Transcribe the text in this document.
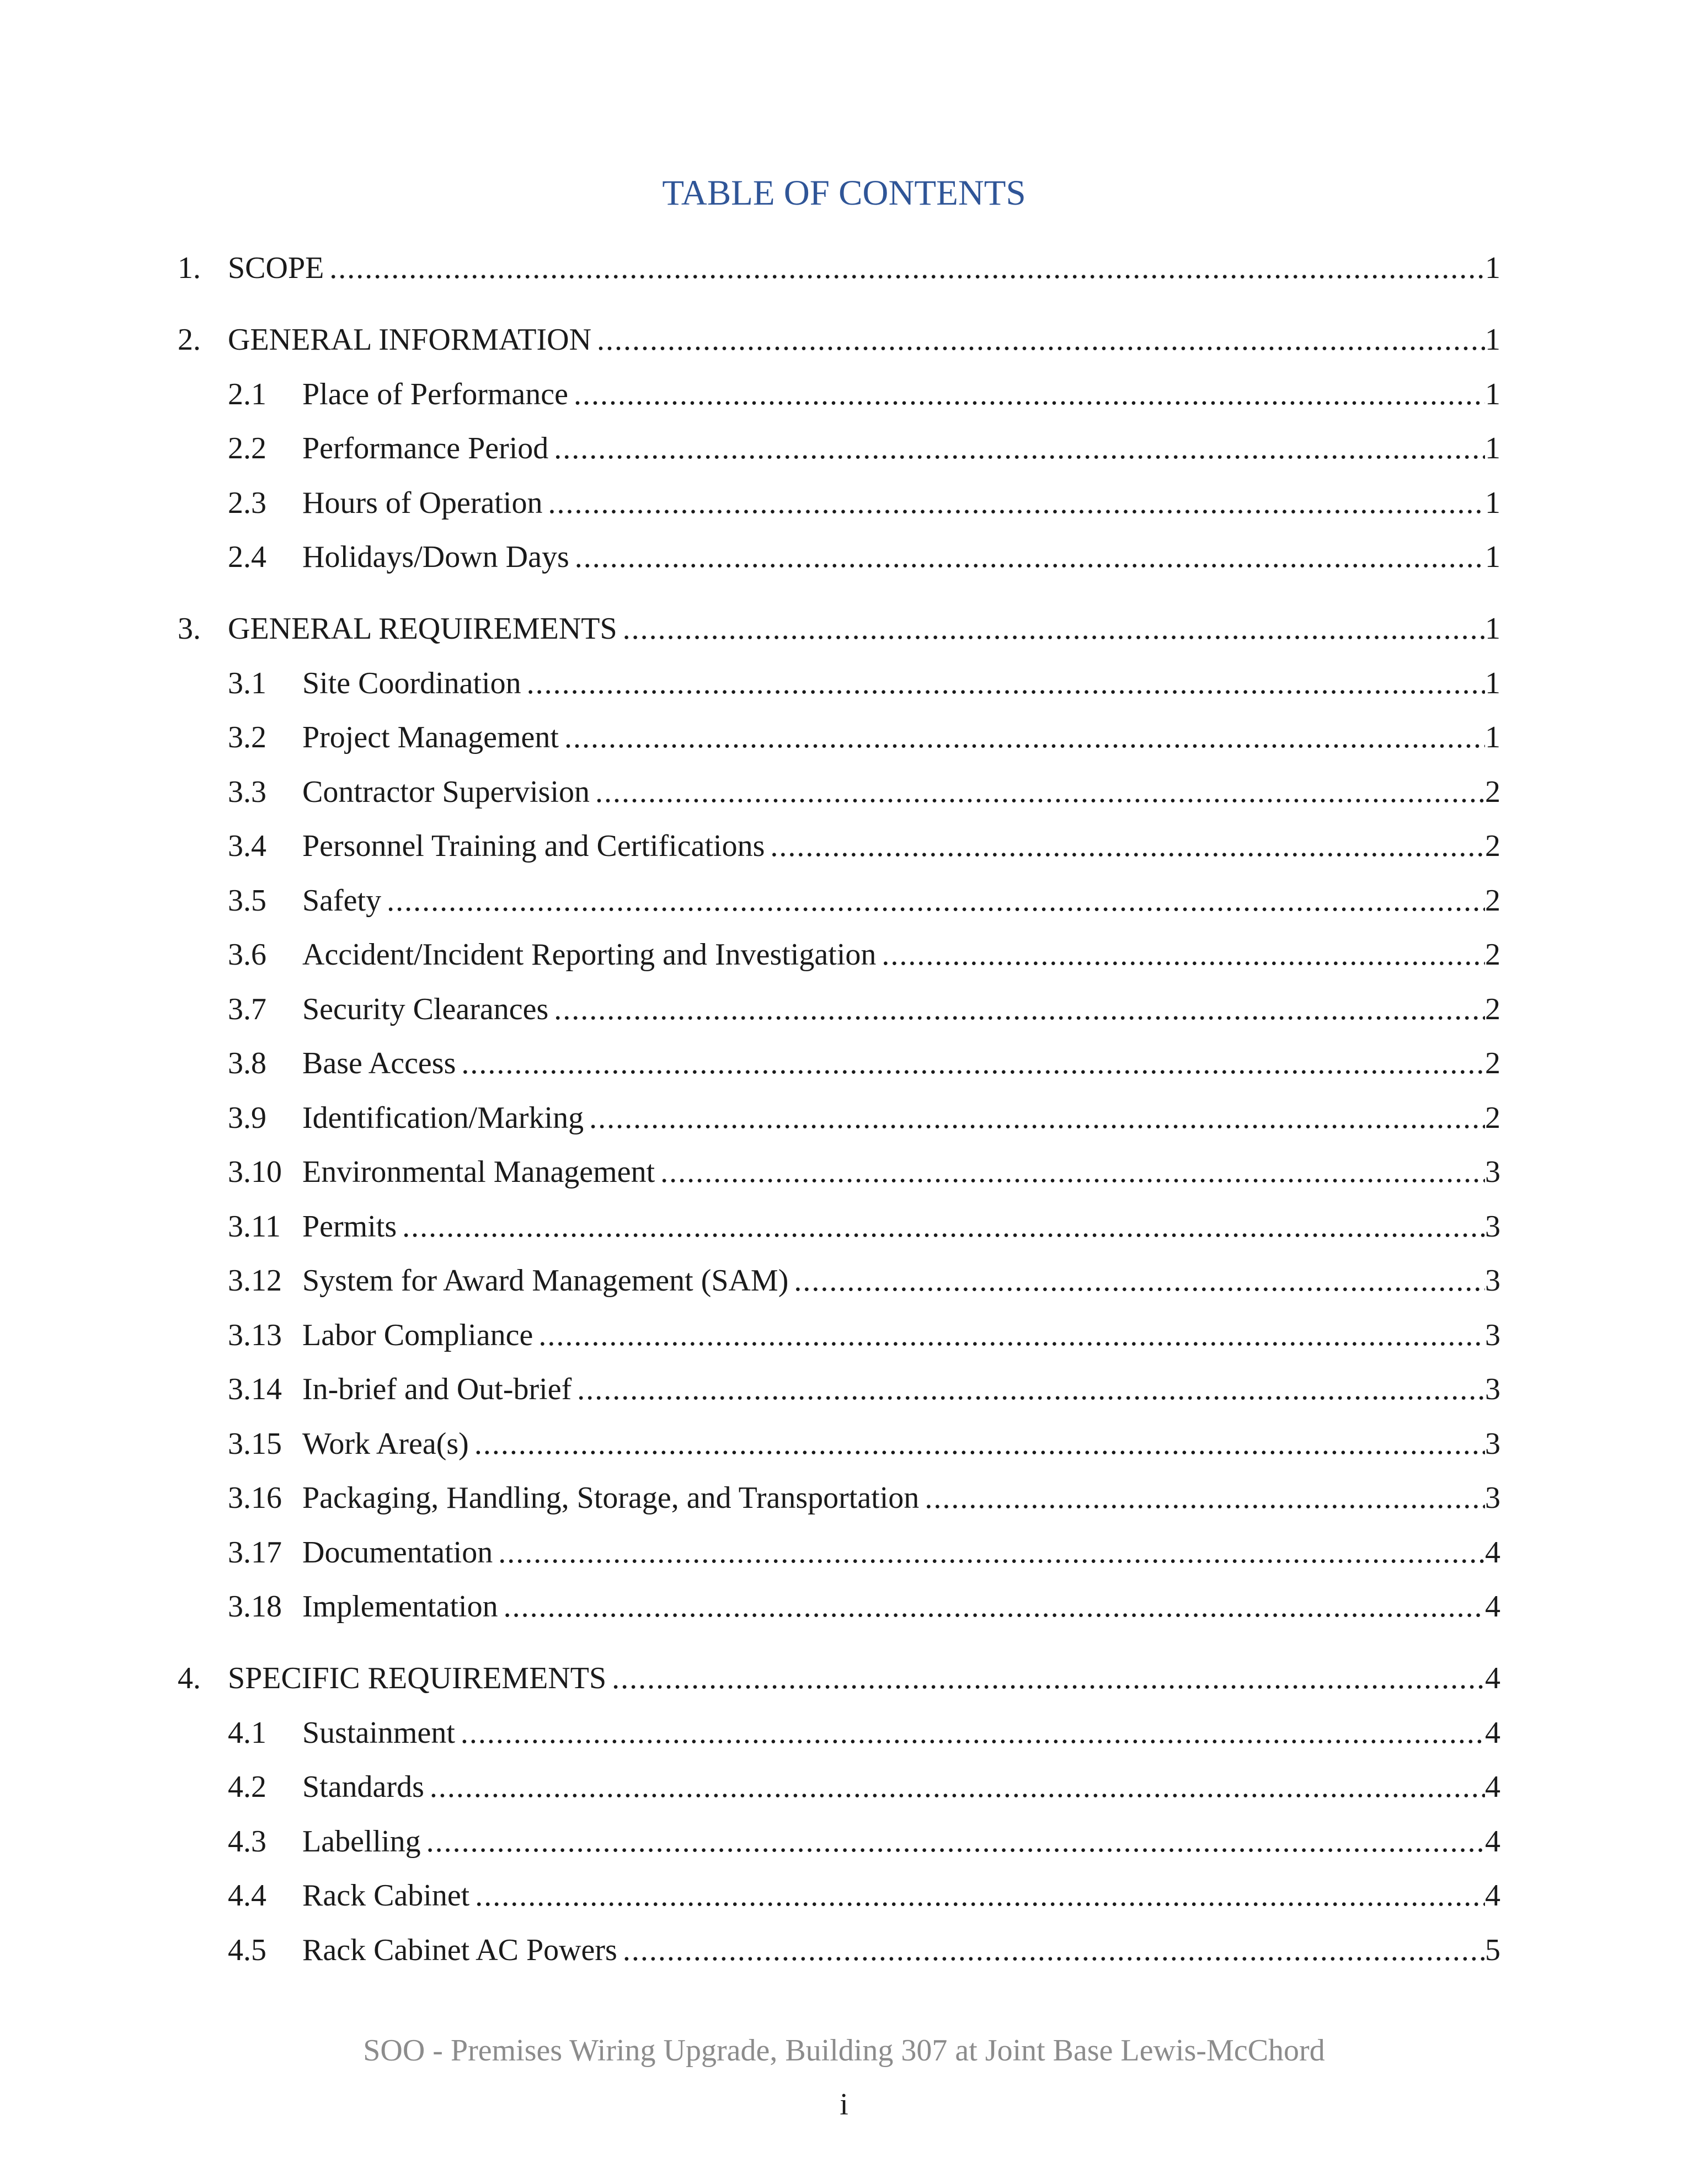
TABLE OF CONTENTS
1. SCOPE .....	1
2. GENERAL INFORMATION .....	1
2.1 Place of Performance .....	1
2.2 Performance Period .....	1
2.3 Hours of Operation .....	1
2.4 Holidays/Down Days .....	1
3. GENERAL REQUIREMENTS .....	1
3.1 Site Coordination .....	1
3.2 Project Management .....	1
3.3 Contractor Supervision .....	2
3.4 Personnel Training and Certifications .....	2
3.5 Safety .....	2
3.6 Accident/Incident Reporting and Investigation .....	2
3.7 Security Clearances .....	2
3.8 Base Access .....	2
3.9 Identification/Marking .....	2
3.10 Environmental Management .....	3
3.11 Permits .....	3
3.12 System for Award Management (SAM) .....	3
3.13 Labor Compliance .....	3
3.14 In-brief and Out-brief .....	3
3.15 Work Area(s) .....	3
3.16 Packaging, Handling, Storage, and Transportation .....	3
3.17 Documentation .....	4
3.18 Implementation .....	4
4. SPECIFIC REQUIREMENTS .....	4
4.1 Sustainment .....	4
4.2 Standards .....	4
4.3 Labelling .....	4
4.4 Rack Cabinet .....	4
4.5 Rack Cabinet AC Powers .....	5
SOO - Premises Wiring Upgrade, Building 307 at Joint Base Lewis-McChord
i
